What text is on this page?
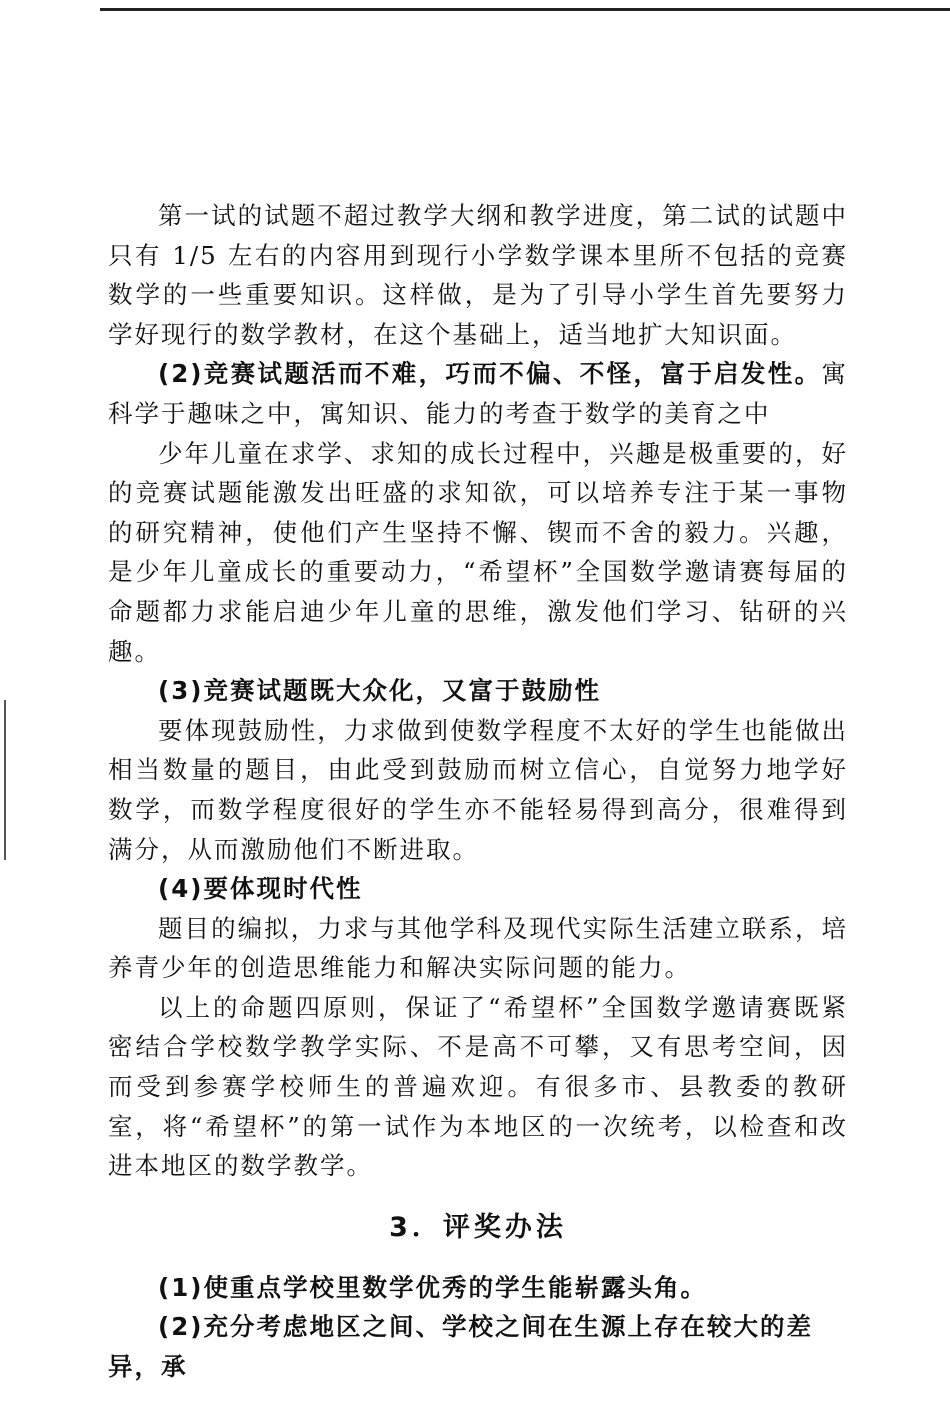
第一试的试题不超过教学大纲和教学进度，第二试的试题中只有 1/5 左右的内容用到现行小学数学课本里所不包括的竞赛数学的一些重要知识。这样做，是为了引导小学生首先要努力学好现行的数学教材，在这个基础上，适当地扩大知识面。

(2)竞赛试题活而不难，巧而不偏、不怪，富于启发性。寓科学于趣味之中，寓知识、能力的考查于数学的美育之中

少年儿童在求学、求知的成长过程中，兴趣是极重要的，好的竞赛试题能激发出旺盛的求知欲，可以培养专注于某一事物的研究精神，使他们产生坚持不懈、锲而不舍的毅力。兴趣，是少年儿童成长的重要动力，“希望杯”全国数学邀请赛每届的命题都力求能启迪少年儿童的思维，激发他们学习、钻研的兴趣。

(3)竞赛试题既大众化，又富于鼓励性

要体现鼓励性，力求做到使数学程度不太好的学生也能做出相当数量的题目，由此受到鼓励而树立信心，自觉努力地学好数学，而数学程度很好的学生亦不能轻易得到高分，很难得到满分，从而激励他们不断进取。

(4)要体现时代性

题目的编拟，力求与其他学科及现代实际生活建立联系，培养青少年的创造思维能力和解决实际问题的能力。

以上的命题四原则，保证了“希望杯”全国数学邀请赛既紧密结合学校数学教学实际、不是高不可攀，又有思考空间，因而受到参赛学校师生的普遍欢迎。有很多市、县教委的教研室，将“希望杯”的第一试作为本地区的一次统考，以检查和改进本地区的数学教学。

3．评奖办法

(1)使重点学校里数学优秀的学生能崭露头角。

(2)充分考虑地区之间、学校之间在生源上存在较大的差异，承
